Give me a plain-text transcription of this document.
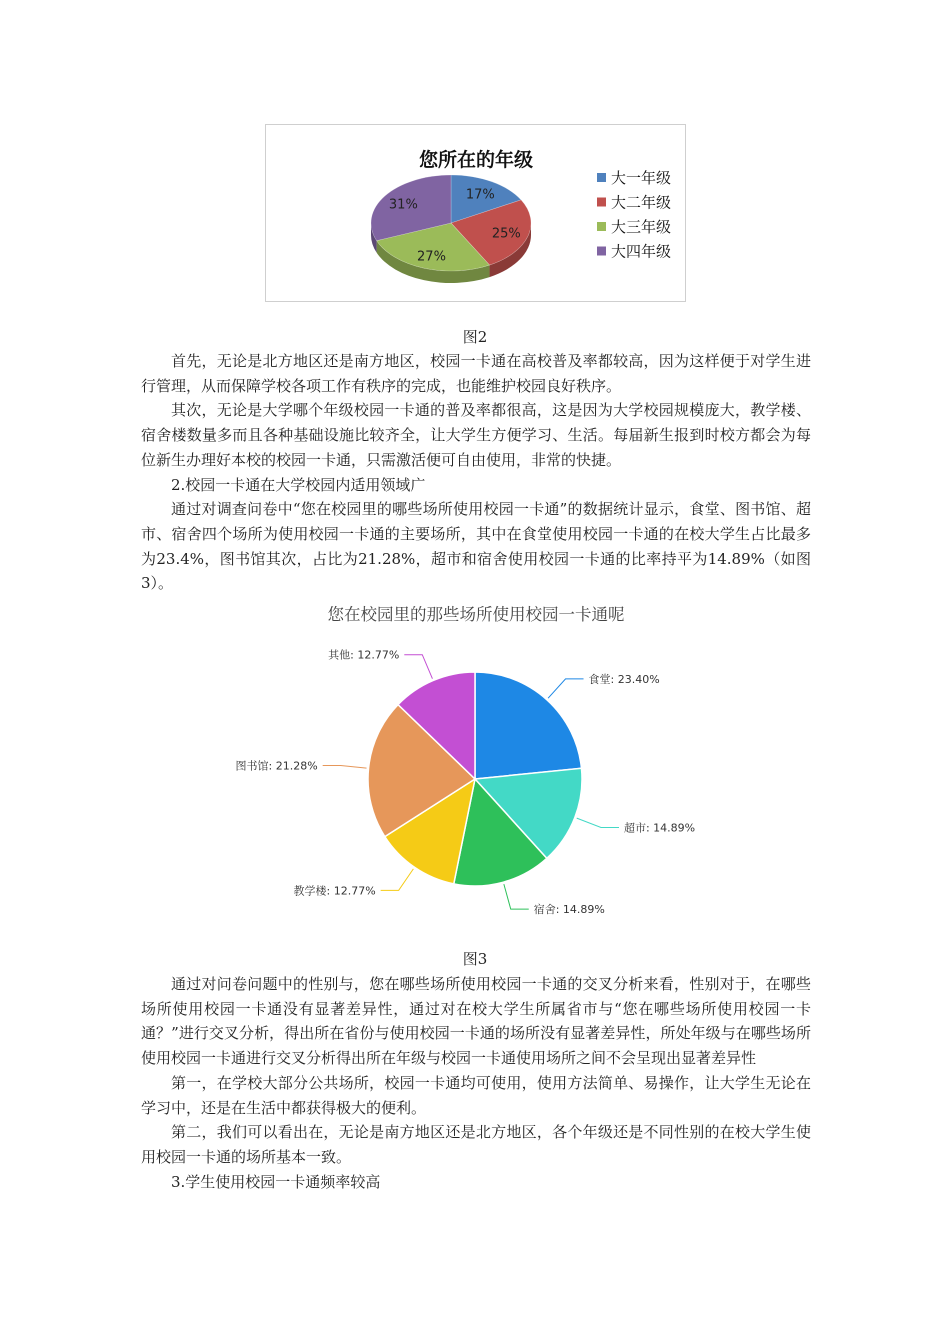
您所在的年级
17%
25%
27%
31%
大一年级
大二年级
大三年级
大四年级
图2

首先，无论是北方地区还是南方地区，校园一卡通在高校普及率都较高，因为这样便于对学生进行管理，从而保障学校各项工作有秩序的完成，也能维护校园良好秩序。

其次，无论是大学哪个年级校园一卡通的普及率都很高，这是因为大学校园规模庞大，教学楼、宿舍楼数量多而且各种基础设施比较齐全，让大学生方便学习、生活。每届新生报到时校方都会为每位新生办理好本校的校园一卡通，只需激活便可自由使用，非常的快捷。

2.校园一卡通在大学校园内适用领域广

通过对调查问卷中“您在校园里的哪些场所使用校园一卡通”的数据统计显示，食堂、图书馆、超市、宿舍四个场所为使用校园一卡通的主要场所，其中在食堂使用校园一卡通的在校大学生占比最多为23.4%，图书馆其次，占比为21.28%，超市和宿舍使用校园一卡通的比率持平为14.89%（如图3）。

您在校园里的那些场所使用校园一卡通呢
食堂: 23.40%
超市: 14.89%
宿舍: 14.89%
教学楼: 12.77%
图书馆: 21.28%
其他: 12.77%
图3

通过对问卷问题中的性别与，您在哪些场所使用校园一卡通的交叉分析来看，性别对于，在哪些场所使用校园一卡通没有显著差异性，通过对在校大学生所属省市与“您在哪些场所使用校园一卡通？”进行交叉分析，得出所在省份与使用校园一卡通的场所没有显著差异性，所处年级与在哪些场所使用校园一卡通进行交叉分析得出所在年级与校园一卡通使用场所之间不会呈现出显著差异性

第一，在学校大部分公共场所，校园一卡通均可使用，使用方法简单、易操作，让大学生无论在学习中，还是在生活中都获得极大的便利。

第二，我们可以看出在，无论是南方地区还是北方地区，各个年级还是不同性别的在校大学生使用校园一卡通的场所基本一致。

3.学生使用校园一卡通频率较高
